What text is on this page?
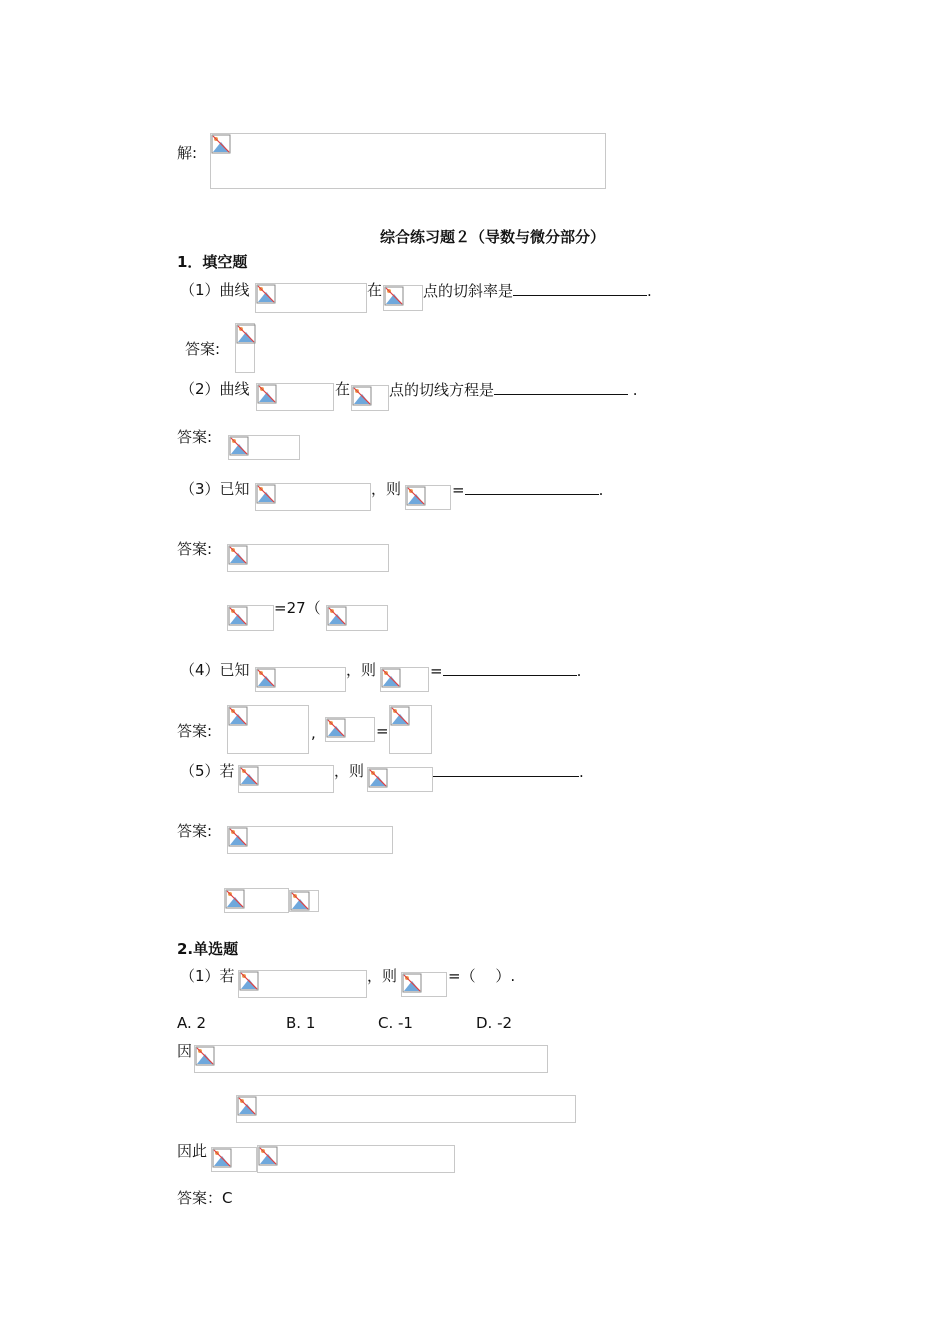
解:
综合练习题２（导数与微分部分）
1．填空题
（1）曲线	在	点的切斜率是	.
答案:
（2）曲线	在	点的切线方程是	.
答案:
（3）已知	，则	=	.
答案:
=27（
（4）已知	，则	=	.
答案:	,	=
（5）若	，则	.
答案:
2.单选题
（1）若	，则	=（　 ）.
A. 2	B. 1	C. -1	D. -2
因
因此
答案：C
